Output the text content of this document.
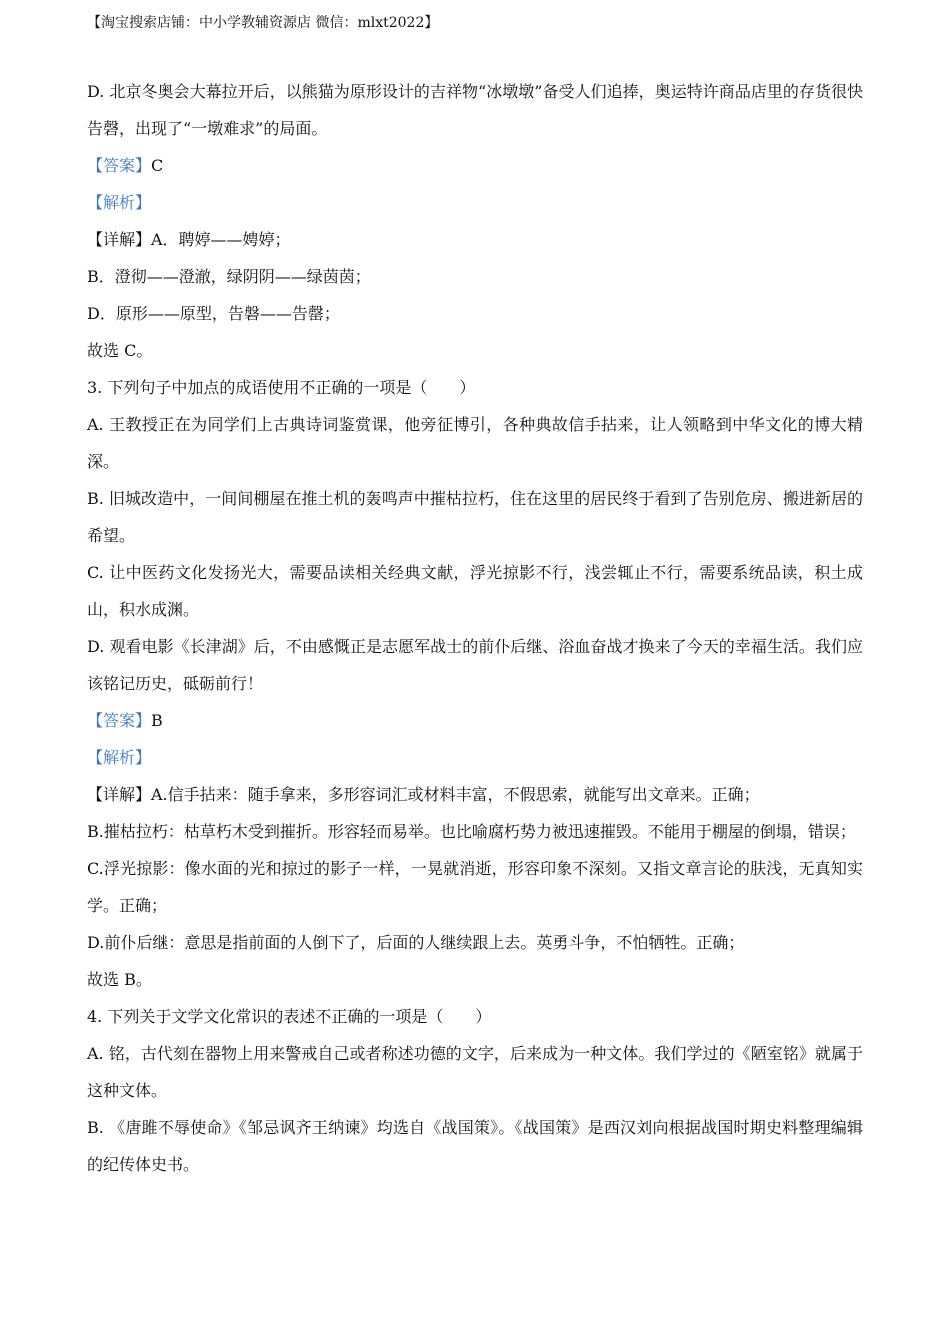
【淘宝搜索店铺：中小学教辅资源店 微信：mlxt2022】

D. 北京冬奥会大幕拉开后，以熊猫为原形设计的吉祥物“冰墩墩”备受人们追捧，奥运特许商品店里的存货很快告磬，出现了“一墩难求”的局面。

【答案】C

【解析】

【详解】A．聘婷——娉婷；

B．澄彻——澄澈，绿阴阴——绿茵茵；

D．原形——原型，告磐——告罄；

故选 C。

3. 下列句子中加点的成语使用不正确的一项是（　　）

A. 王教授正在为同学们上古典诗词鉴赏课，他旁征博引，各种典故信手拈来，让人领略到中华文化的博大精深。

B. 旧城改造中，一间间棚屋在推土机的轰鸣声中摧枯拉朽，住在这里的居民终于看到了告别危房、搬进新居的希望。

C. 让中医药文化发扬光大，需要品读相关经典文献，浮光掠影不行，浅尝辄止不行，需要系统品读，积土成山，积水成渊。

D. 观看电影《长津湖》后，不由感慨正是志愿军战士的前仆后继、浴血奋战才换来了今天的幸福生活。我们应该铭记历史，砥砺前行！

【答案】B

【解析】

【详解】A.信手拈来：随手拿来，多形容词汇或材料丰富，不假思索，就能写出文章来。正确；

B.摧枯拉朽：枯草朽木受到摧折。形容轻而易举。也比喻腐朽势力被迅速摧毁。不能用于棚屋的倒塌，错误；

C.浮光掠影：像水面的光和掠过的影子一样，一晃就消逝，形容印象不深刻。又指文章言论的肤浅，无真知实学。正确；

D.前仆后继：意思是指前面的人倒下了，后面的人继续跟上去。英勇斗争，不怕牺牲。正确；

故选 B。

4. 下列关于文学文化常识的表述不正确的一项是（　　）

A. 铭，古代刻在器物上用来警戒自己或者称述功德的文字，后来成为一种文体。我们学过的《陋室铭》就属于这种文体。

B. 《唐雎不辱使命》《邹忌讽齐王纳谏》均选自《战国策》。《战国策》是西汉刘向根据战国时期史料整理编辑的纪传体史书。
